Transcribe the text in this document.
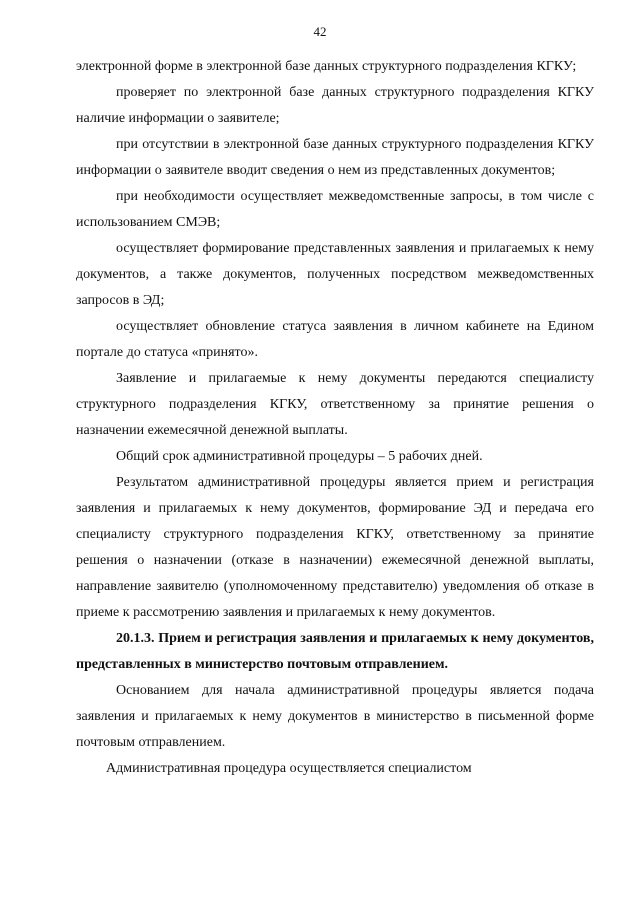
42

электронной форме в электронной базе данных структурного подразделения КГКУ;

проверяет по электронной базе данных структурного подразделения КГКУ наличие информации о заявителе;

при отсутствии в электронной базе данных структурного подразделения КГКУ информации о заявителе вводит сведения о нем из представленных документов;

при необходимости осуществляет межведомственные запросы, в том числе с использованием СМЭВ;

осуществляет формирование представленных заявления и прилагаемых к нему документов, а также документов, полученных посредством межведомственных запросов в ЭД;

осуществляет обновление статуса заявления в личном кабинете на Едином портале до статуса «принято».

Заявление и прилагаемые к нему документы передаются специалисту структурного подразделения КГКУ, ответственному за принятие решения о назначении ежемесячной денежной выплаты.

Общий срок административной процедуры – 5 рабочих дней.

Результатом административной процедуры является прием и регистрация заявления и прилагаемых к нему документов, формирование ЭД и передача его специалисту структурного подразделения КГКУ, ответственному за принятие решения о назначении (отказе в назначении) ежемесячной денежной выплаты, направление заявителю (уполномоченному представителю) уведомления об отказе в приеме к рассмотрению заявления и прилагаемых к нему документов.

20.1.3. Прием и регистрация заявления и прилагаемых к нему документов, представленных в министерство почтовым отправлением.

Основанием для начала административной процедуры является подача заявления и прилагаемых к нему документов в министерство в письменной форме почтовым отправлением.

Административная процедура осуществляется специалистом
